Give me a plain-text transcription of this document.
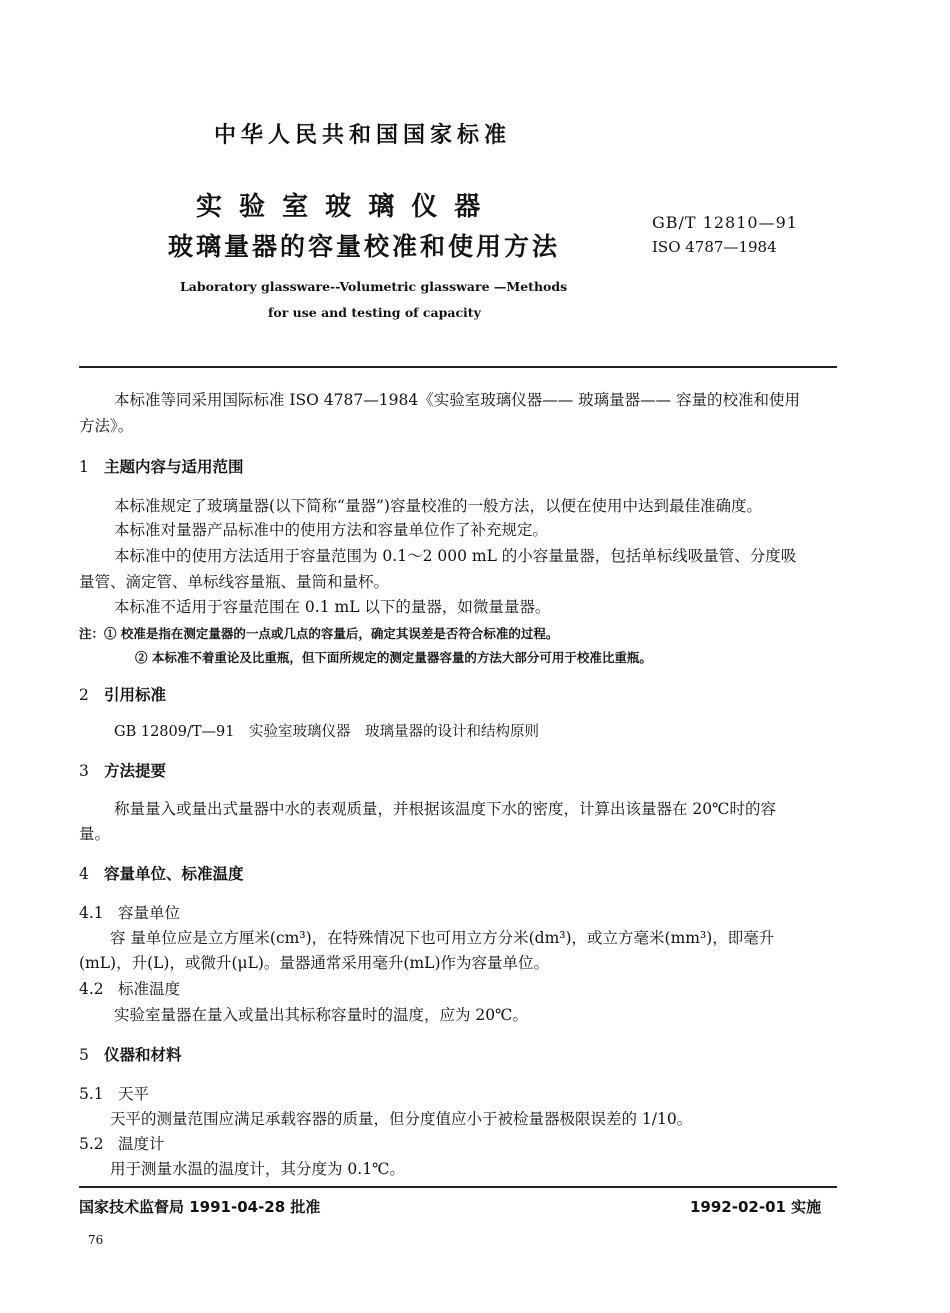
中华人民共和国国家标准
实 验 室 玻 璃 仪 器
玻璃量器的容量校准和使用方法
GB/T 12810—91
ISO 4787—1984
Laboratory glassware--Volumetric glassware —Methods
for use and testing of capacity
本标准等同采用国际标准 ISO 4787—1984《实验室玻璃仪器—— 玻璃量器—— 容量的校准和使用
方法》。
1 主题内容与适用范围
本标准规定了玻璃量器(以下简称“量器”)容量校准的一般方法，以便在使用中达到最佳准确度。
本标准对量器产品标准中的使用方法和容量单位作了补充规定。
本标准中的使用方法适用于容量范围为 0.1～2 000 mL 的小容量量器，包括单标线吸量管、分度吸
量管、滴定管、单标线容量瓶、量筒和量杯。
本标准不适用于容量范围在 0.1 mL 以下的量器，如微量量器。
注：① 校准是指在测定量器的一点或几点的容量后，确定其误差是否符合标准的过程。
② 本标准不着重论及比重瓶，但下面所规定的测定量器容量的方法大部分可用于校准比重瓶。
2 引用标准
GB 12809/T—91　实验室玻璃仪器　玻璃量器的设计和结构原则
3 方法提要
称量量入或量出式量器中水的表观质量，并根据该温度下水的密度，计算出该量器在 20℃时的容
量。
4 容量单位、标准温度
4.1 容量单位
容 量单位应是立方厘米(cm³)，在特殊情况下也可用立方分米(dm³)，或立方毫米(mm³)，即毫升
(mL)，升(L)，或微升(μL)。量器通常采用毫升(mL)作为容量单位。
4.2 标准温度
实验室量器在量入或量出其标称容量时的温度，应为 20℃。
5 仪器和材料
5.1 天平
天平的测量范围应满足承载容器的质量，但分度值应小于被检量器极限误差的 1/10。
5.2 温度计
用于测量水温的温度计，其分度为 0.1℃。
国家技术监督局 1991-04-28 批准	1992-02-01 实施
76
